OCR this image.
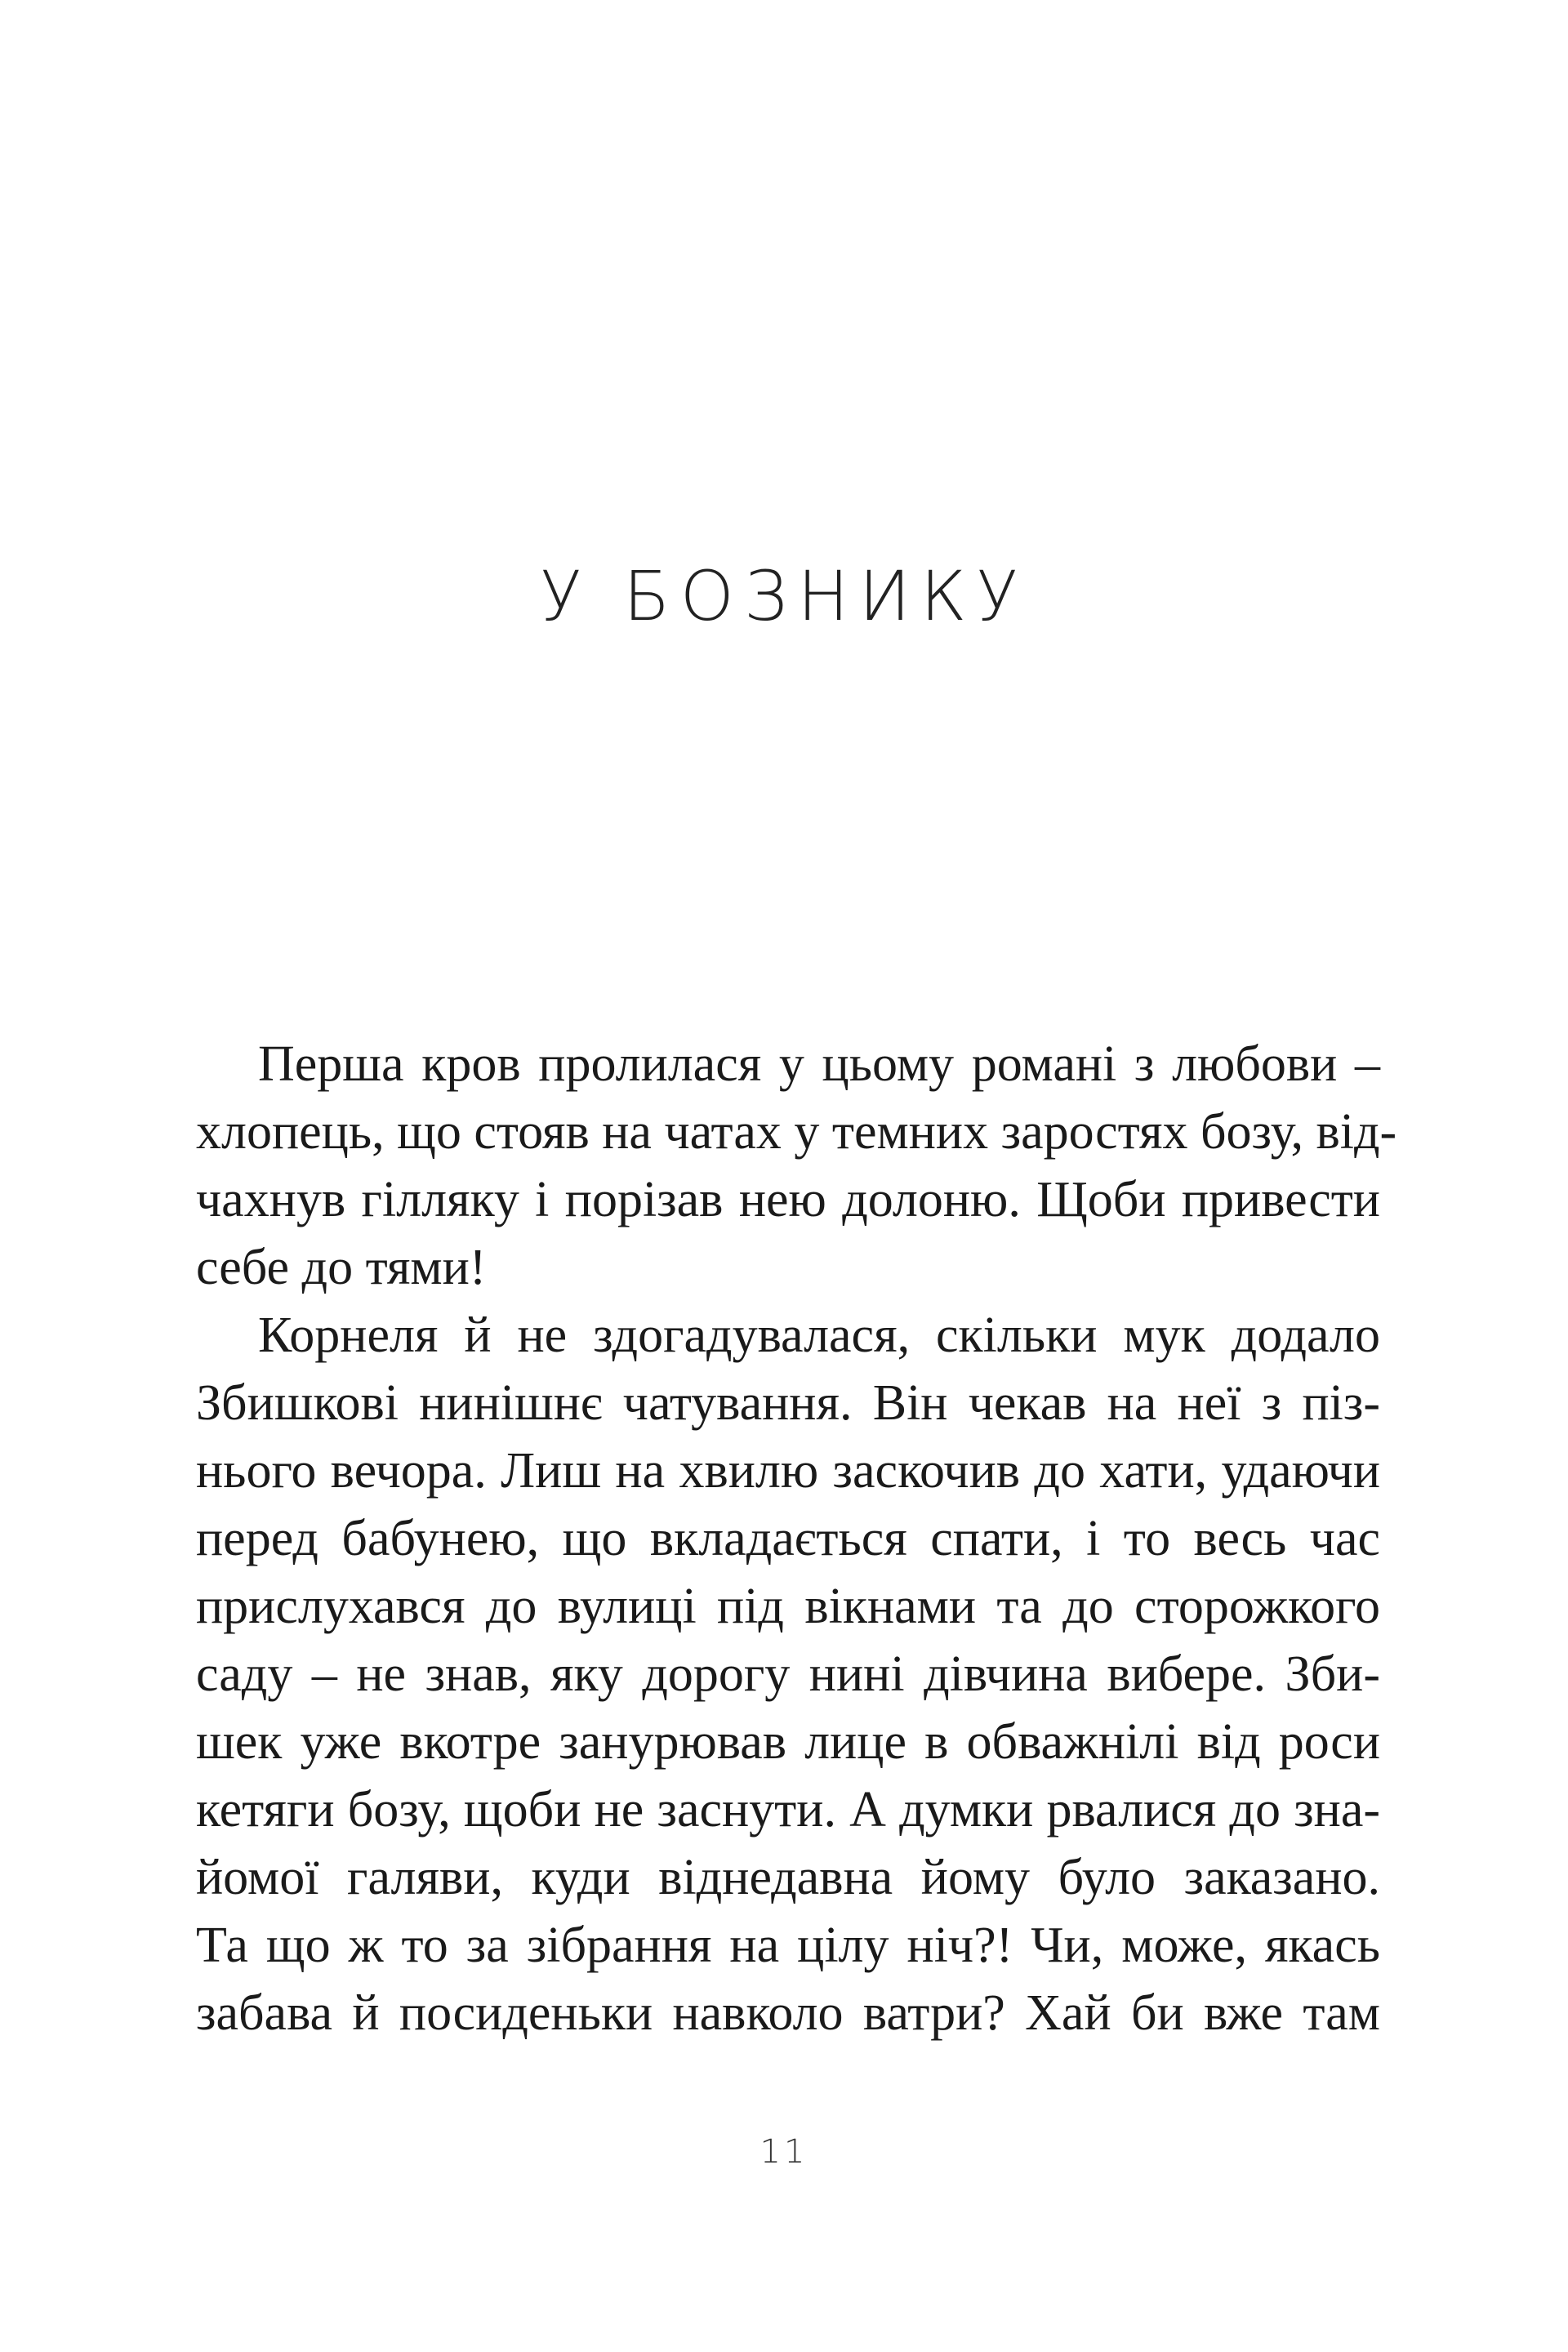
У БОЗНИКУ
Перша кров пролилася у цьому романі з любови –
хлопець, що стояв на чатах у темних заростях бозу, від-
чахнув гілляку і порізав нею долоню. Щоби привести
себе до тями!
Корнеля й не здогадувалася, скільки мук додало
Збишкові нинішнє чатування. Він чекав на неї з піз-
нього вечора. Лиш на хвилю заскочив до хати, удаючи
перед бабунею, що вкладається спати, і то весь час
прислухався до вулиці під вікнами та до сторожкого
саду – не знав, яку дорогу нині дівчина вибере. Зби-
шек уже вкотре занурював лице в обважнілі від роси
кетяги бозу, щоби не заснути. А думки рвалися до зна-
йомої галяви, куди віднедавна йому було заказано.
Та що ж то за зібрання на цілу ніч?! Чи, може, якась
забава й посиденьки навколо ватри? Хай би вже там
11
